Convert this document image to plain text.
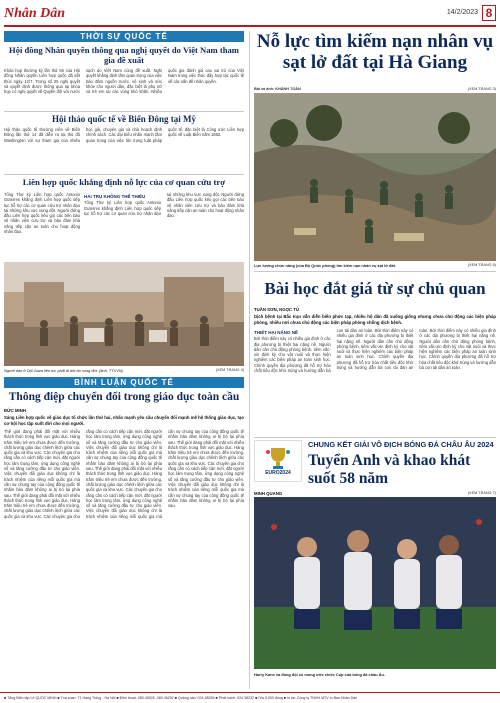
Nhân Dân	14/2/2023 8
THỜI SỰ QUỐC TẾ
Hội đồng Nhân quyền thông qua nghị quyết do Việt Nam tham gia đề xuất
Khóa họp thường kỳ lần thứ 56 của Hội đồng Nhân quyền Liên hợp quốc đã kết thúc ngày 12/7. Trong số 25 nghị quyết và quyết định được thông qua tại khóa họp có nghị quyết về Quyền đối với nước sạch do Việt Nam cùng đề xuất. Nghị quyết khẳng định tầm quan trọng của việc bảo đảm nguồn nước, vệ sinh và sức khỏe cho người dân, đặc biệt là phụ nữ và trẻ em tại các vùng khó khăn. Nhiều quốc gia đánh giá cao vai trò của Việt Nam trong việc thúc đẩy hợp tác quốc tế về các vấn đề nhân quyền.
Hội thảo quốc tế về Biển Đông tại Mỹ
Hội thảo quốc tế thường niên về Biển Đông lần thứ 14 đã diễn ra tại thủ đô Washington với sự tham gia của nhiều học giả, chuyên gia và nhà hoạch định chính sách. Các đại biểu nhấn mạnh tầm quan trọng của việc tôn trọng luật pháp quốc tế, đặc biệt là Công ước Liên hợp quốc về Luật Biển năm 1982.
Liên hợp quốc khẳng định nỗ lực của cơ quan cứu trợ
Tổng Thư ký Liên hợp quốc Antonio Guterres khẳng định Liên hợp quốc tiếp tục hỗ trợ các cơ quan cứu trợ nhân đạo tại những khu vực xung đột. Người đứng đầu Liên hợp quốc kêu gọi các bên bảo vệ nhân viên cứu trợ và bảo đảm khả năng tiếp cận an toàn cho hoạt động nhân đạo.
HAI TRỤ KHÔNG THỂ THIẾU
Tổng Thư ký Liên hợp quốc Antonio Guterres khẳng định Liên hợp quốc tiếp tục hỗ trợ các cơ quan cứu trợ nhân đạo tại những khu vực xung đột. Người đứng đầu Liên hợp quốc kêu gọi các bên bảo vệ nhân viên cứu trợ và bảo đảm khả năng tiếp cận an toàn cho hoạt động nhân đạo.
Người dân ở Dải Gaza liên tục phải di dời do xung đột. (ảnh: TTXVN)	(XEM TRANG 4)
BÌNH LUẬN QUỐC TẾ
Thông điệp chuyển đổi trong giáo dục toàn cầu
ĐỨC MINH
Sáng Liên hợp quốc về giáo dục tổ chức lần thứ hai, nhấn mạnh yêu cầu chuyển đổi mạnh mẽ hệ thống giáo dục, tạo cơ hội học tập suốt đời cho mọi người.
Thế giới đang phải đối mặt với nhiều thách thức trong lĩnh vực giáo dục. Hàng trăm triệu trẻ em chưa được đến trường, chất lượng giáo dục chênh lệch giữa các quốc gia và khu vực. Các chuyên gia cho rằng cần có cách tiếp cận mới, đặt người học làm trung tâm, ứng dụng công nghệ số và tăng cường đầu tư cho giáo viên. Việc chuyển đổi giáo dục không chỉ là trách nhiệm của riêng mỗi quốc gia mà cần sự chung tay của cộng đồng quốc tế nhằm bảo đảm không ai bị bỏ lại phía sau. Thế giới đang phải đối mặt với nhiều thách thức trong lĩnh vực giáo dục. Hàng trăm triệu trẻ em chưa được đến trường, chất lượng giáo dục chênh lệch giữa các quốc gia và khu vực. Các chuyên gia cho rằng cần có cách tiếp cận mới, đặt người học làm trung tâm, ứng dụng công nghệ số và tăng cường đầu tư cho giáo viên. Việc chuyển đổi giáo dục không chỉ là trách nhiệm của riêng mỗi quốc gia mà cần sự chung tay của cộng đồng quốc tế nhằm bảo đảm không ai bị bỏ lại phía sau. Thế giới đang phải đối mặt với nhiều thách thức trong lĩnh vực giáo dục. Hàng trăm triệu trẻ em chưa được đến trường, chất lượng giáo dục chênh lệch giữa các quốc gia và khu vực. Các chuyên gia cho rằng cần có cách tiếp cận mới, đặt người học làm trung tâm, ứng dụng công nghệ số và tăng cường đầu tư cho giáo viên. Việc chuyển đổi giáo dục không chỉ là trách nhiệm của riêng mỗi quốc gia mà cần sự chung tay của cộng đồng quốc tế nhằm bảo đảm không ai bị bỏ lại phía sau. Thế giới đang phải đối mặt với nhiều thách thức trong lĩnh vực giáo dục. Hàng trăm triệu trẻ em chưa được đến trường, chất lượng giáo dục chênh lệch giữa các quốc gia và khu vực. Các chuyên gia cho rằng cần có cách tiếp cận mới, đặt người học làm trung tâm, ứng dụng công nghệ số và tăng cường đầu tư cho giáo viên. Việc chuyển đổi giáo dục không chỉ là trách nhiệm của riêng mỗi quốc gia mà cần sự chung tay của cộng đồng quốc tế nhằm bảo đảm không ai bị bỏ lại phía sau.
Nỗ lực tìm kiếm nạn nhân vụ sạt lở đất tại Hà Giang
Bài và ảnh: KHÁNH TOÀN	(XEM TRANG 3)
Lực lượng chức năng (của Bộ Quốc phòng) tìm kiếm nạn nhân vụ sạt lở đất.	(XEM TRANG 6)
Bài học đắt giá từ sự chủ quan
TUẤN SƠN, NGỌC TÚ
Dịch bệnh tại Bắc Kạn vẫn diễn biến phức tạp, nhiều hộ dân đã xuống giống nhưng chưa chủ động các biện pháp phòng, nhiều nơi chưa chủ động các biện pháp phòng chống dịch bệnh.
THIẾT HẠI NẶNG NỀ
Bởi thời điểm này có nhiều gia đình ở các địa phương bị thiệt hại nặng nề. Người dân cần chủ động phòng bệnh, tiêm vắc-xin định kỳ cho vật nuôi và thực hiện nghiêm các biện pháp an toàn sinh học. Chính quyền địa phương đã hỗ trợ hóa chất tiêu độc khử trùng và hướng dẫn bà con tái đàn an toàn. Bởi thời điểm này có nhiều gia đình ở các địa phương bị thiệt hại nặng nề. Người dân cần chủ động phòng bệnh, tiêm vắc-xin định kỳ cho vật nuôi và thực hiện nghiêm các biện pháp an toàn sinh học. Chính quyền địa phương đã hỗ trợ hóa chất tiêu độc khử trùng và hướng dẫn bà con tái đàn an toàn. Bởi thời điểm này có nhiều gia đình ở các địa phương bị thiệt hại nặng nề. Người dân cần chủ động phòng bệnh, tiêm vắc-xin định kỳ cho vật nuôi và thực hiện nghiêm các biện pháp an toàn sinh học. Chính quyền địa phương đã hỗ trợ hóa chất tiêu độc khử trùng và hướng dẫn bà con tái đàn an toàn.
EURO2024
CHUNG KẾT GIẢI VÔ ĐỊCH BÓNG ĐÁ CHÂU ÂU 2024
Tuyển Anh và khao khát suốt 58 năm
MINH QUANG	(XEM TRANG 7)
Harry Kane và đồng đội có mong ước chiếc Cúp của bóng đá châu Âu.
■ Tổng Biên tập Lê QUỐC MINH ■ Tòa soạn: 71 Hàng Trống - Hà Nội ■ Điện thoại: 080.45025, 080.46252 ■ Quảng cáo: 024.38256 ■ Phát hành: 024.38232 ■ Giá 5.000 đồng ■ In tại: Công ty TNHH MTV In Báo Nhân Dân
